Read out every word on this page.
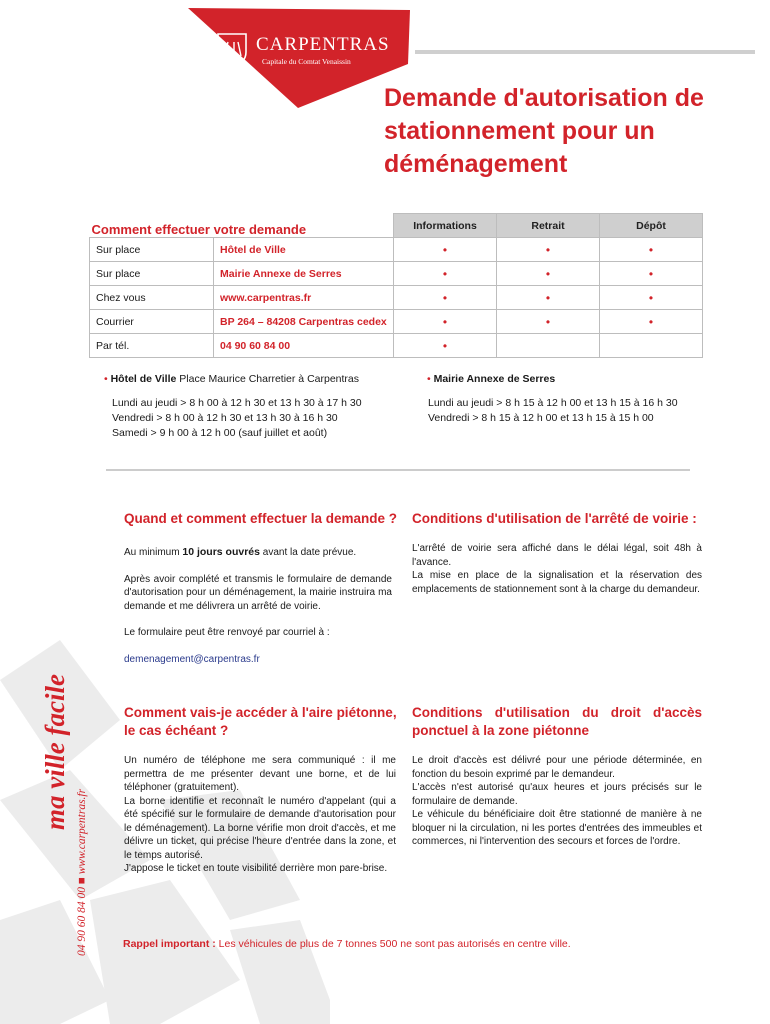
ma ville facile
04 90 60 84 00 ■ www.carpentras.fr
CARPENTRAS
Capitale du Comtat Venaissin
Demande d'autorisation de stationnement pour un déménagement
Comment effectuer votre demande		Informations	Retrait	Dépôt
Sur place	Hôtel de Ville	•	•	•
Sur place	Mairie Annexe de Serres	•	•	•
Chez vous	www.carpentras.fr	•	•	•
Courrier	BP 264 – 84208 Carpentras cedex	•	•	•
Par tél.	04 90 60 84 00	•		
• Hôtel de Ville Place Maurice Charretier à Carpentras
Lundi au jeudi > 8 h 00 à 12 h 30 et 13 h 30 à 17 h 30
Vendredi > 8 h 00 à 12 h 30 et 13 h 30 à 16 h 30
Samedi > 9 h 00 à 12 h 00 (sauf juillet et août)
• Mairie Annexe de Serres
Lundi au jeudi > 8 h 15 à 12 h 00 et 13 h 15 à 16 h 30
Vendredi > 8 h 15 à 12 h 00 et 13 h 15 à 15 h 00
Quand et comment effectuer la demande ?

Au minimum 10 jours ouvrés avant la date prévue.

Après avoir complété et transmis le formulaire de demande d'autorisation pour un déménagement, la mairie instruira ma demande et me délivrera un arrêté de voirie.

Le formulaire peut être renvoyé par courriel à :

demenagement@carpentras.fr

Conditions d'utilisation de l'arrêté de voirie :

L'arrêté de voirie sera affiché dans le délai légal, soit 48h à l'avance.

La mise en place de la signalisation et la réservation des emplacements de stationnement sont à la charge du demandeur.

Comment vais-je accéder à l'aire piétonne, le cas échéant ?

Un numéro de téléphone me sera communiqué : il me permettra de me présenter devant une borne, et de lui téléphoner (gratuitement).

La borne identifie et reconnaît le numéro d'appelant (qui a été spécifié sur le formulaire de demande d'autorisation pour le déménagement). La borne vérifie mon droit d'accès, et me délivre un ticket, qui précise l'heure d'entrée dans la zone, et le temps autorisé.

J'appose le ticket en toute visibilité derrière mon pare-brise.

Conditions d'utilisation du droit d'accès ponctuel à la zone piétonne

Le droit d'accès est délivré pour une période déterminée, en fonction du besoin exprimé par le demandeur.

L'accès n'est autorisé qu'aux heures et jours précisés sur le formulaire de demande.

Le véhicule du bénéficiaire doit être stationné de manière à ne bloquer ni la circulation, ni les portes d'entrées des immeubles et commerces, ni l'intervention des secours et forces de l'ordre.

Rappel important : Les véhicules de plus de 7 tonnes 500 ne sont pas autorisés en centre ville.
